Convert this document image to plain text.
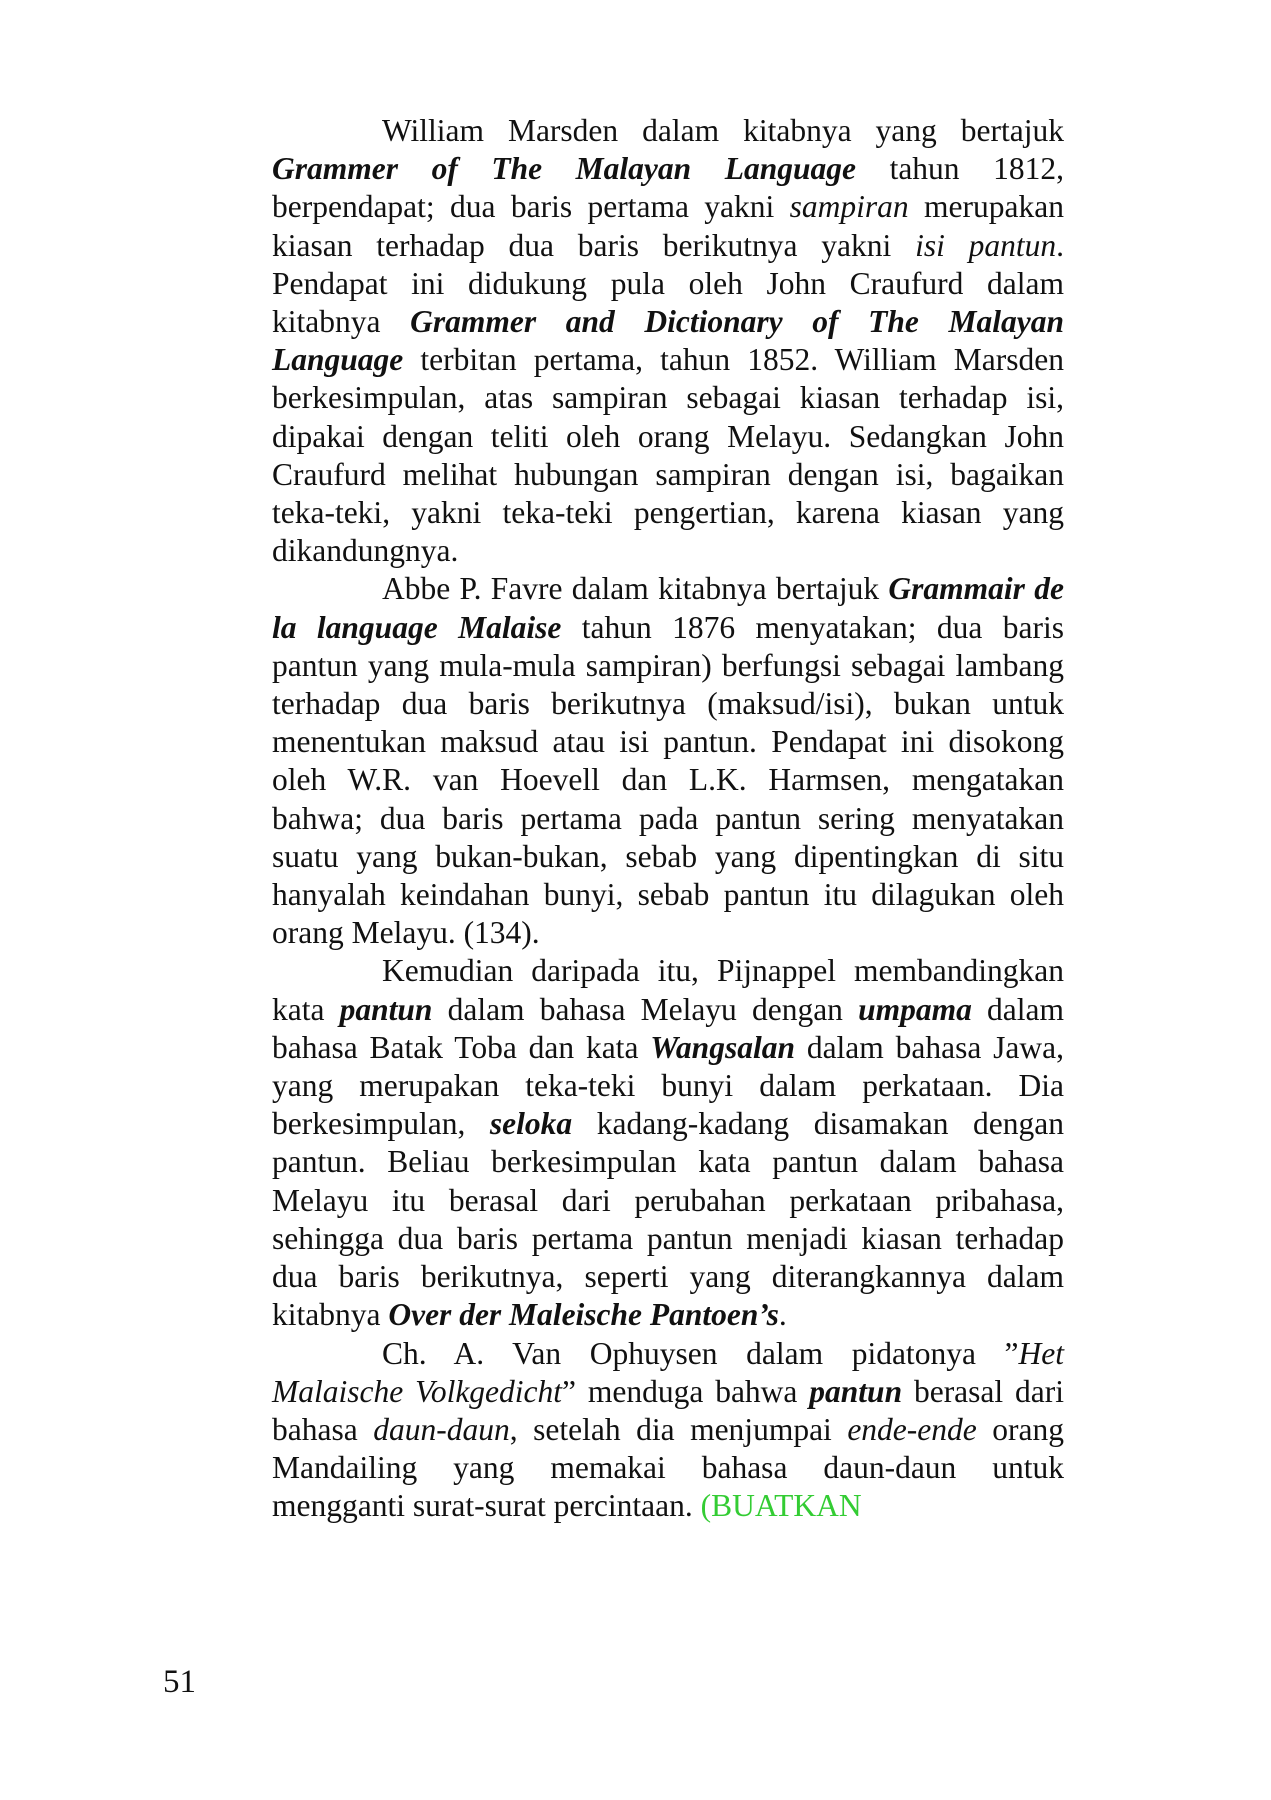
William Marsden dalam kitabnya yang bertajuk Grammer of The Malayan Language tahun 1812, berpendapat; dua baris pertama yakni sampiran merupakan kiasan terhadap dua baris berikutnya yakni isi pantun. Pendapat ini didukung pula oleh John Craufurd dalam kitabnya Grammer and Dictionary of The Malayan Language terbitan pertama, tahun 1852. William Marsden berkesimpulan, atas sampiran sebagai kiasan terhadap isi, dipakai dengan teliti oleh orang Melayu. Sedangkan John Craufurd melihat hubungan sampiran dengan isi, bagaikan teka-teki, yakni teka-teki pengertian, karena kiasan yang dikandungnya.

Abbe P. Favre dalam kitabnya bertajuk Grammair de la language Malaise tahun 1876 menyatakan; dua baris pantun yang mula-mula sampiran) berfungsi sebagai lambang terhadap dua baris berikutnya (maksud/isi), bukan untuk menentukan maksud atau isi pantun. Pendapat ini disokong oleh W.R. van Hoevell dan L.K. Harmsen, mengatakan bahwa; dua baris pertama pada pantun sering menyatakan suatu yang bukan-bukan, sebab yang dipentingkan di situ hanyalah keindahan bunyi, sebab pantun itu dilagukan oleh orang Melayu. (134).

Kemudian daripada itu, Pijnappel membandingkan kata pantun dalam bahasa Melayu dengan umpama dalam bahasa Batak Toba dan kata Wangsalan dalam bahasa Jawa, yang merupakan teka-teki bunyi dalam perkataan. Dia berkesimpulan, seloka kadang-kadang disamakan dengan pantun. Beliau berkesimpulan kata pantun dalam bahasa Melayu itu berasal dari perubahan perkataan pribahasa, sehingga dua baris pertama pantun menjadi kiasan terhadap dua baris berikutnya, seperti yang diterangkannya dalam kitabnya Over der Maleische Pantoen’s.

Ch. A. Van Ophuysen dalam pidatonya ”Het Malaische Volkgedicht” menduga bahwa pantun berasal dari bahasa daun-daun, setelah dia menjumpai ende-ende orang Mandailing yang memakai bahasa daun-daun untuk mengganti surat-surat percintaan. (BUATKAN

51
